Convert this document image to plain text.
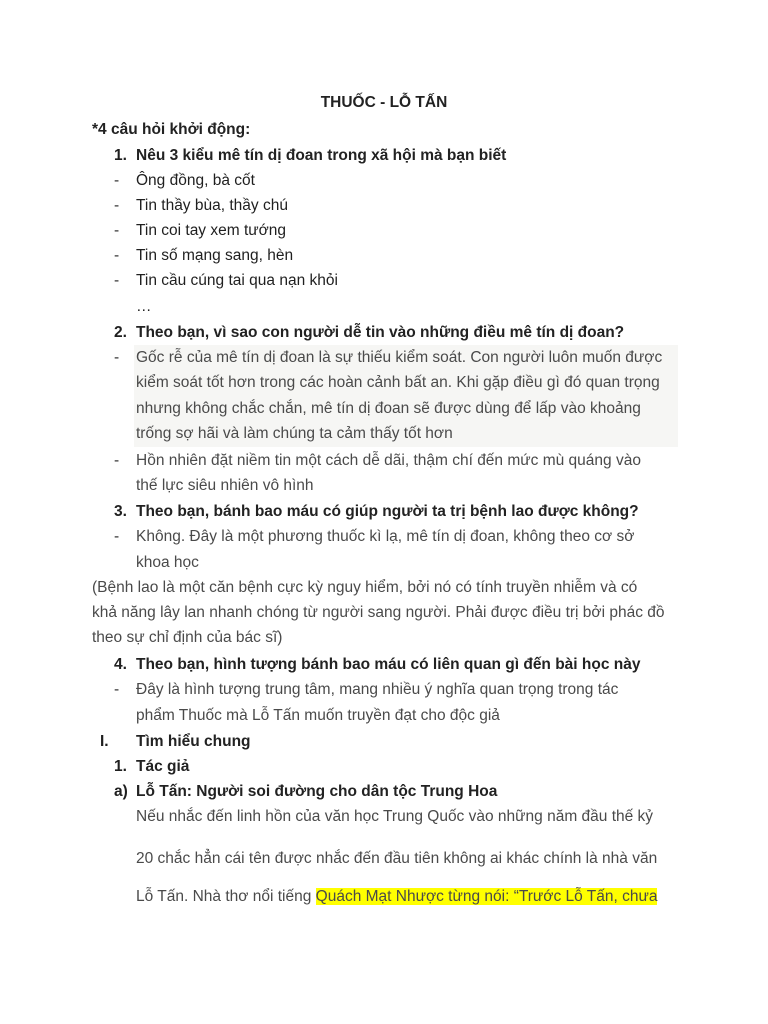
THUỐC - LỖ TẤN
*4 câu hỏi khởi động:
1. Nêu 3 kiểu mê tín dị đoan trong xã hội mà bạn biết
- Ông đồng, bà cốt
- Tin thầy bùa, thầy chú
- Tin coi tay xem tướng
- Tin số mạng sang, hèn
- Tin cầu cúng tai qua nạn khỏi
…
2. Theo bạn, vì sao con người dễ tin vào những điều mê tín dị đoan?
- Gốc rễ của mê tín dị đoan là sự thiếu kiểm soát. Con người luôn muốn được
kiểm soát tốt hơn trong các hoàn cảnh bất an. Khi gặp điều gì đó quan trọng
nhưng không chắc chắn, mê tín dị đoan sẽ được dùng để lấp vào khoảng
trống sợ hãi và làm chúng ta cảm thấy tốt hơn
- Hồn nhiên đặt niềm tin một cách dễ dãi, thậm chí đến mức mù quáng vào
thế lực siêu nhiên vô hình
3. Theo bạn, bánh bao máu có giúp người ta trị bệnh lao được không?
- Không. Đây là một phương thuốc kì lạ, mê tín dị đoan, không theo cơ sở
khoa học
(Bệnh lao là một căn bệnh cực kỳ nguy hiểm, bởi nó có tính truyền nhiễm và có
khả năng lây lan nhanh chóng từ người sang người. Phải được điều trị bởi phác đồ
theo sự chỉ định của bác sĩ)
4. Theo bạn, hình tượng bánh bao máu có liên quan gì đến bài học này
- Đây là hình tượng trung tâm, mang nhiều ý nghĩa quan trọng trong tác
phẩm Thuốc mà Lỗ Tấn muốn truyền đạt cho độc giả
I. Tìm hiểu chung
1. Tác giả
a) Lỗ Tấn: Người soi đường cho dân tộc Trung Hoa
Nếu nhắc đến linh hồn của văn học Trung Quốc vào những năm đầu thế kỷ
20 chắc hẳn cái tên được nhắc đến đầu tiên không ai khác chính là nhà văn
Lỗ Tấn. Nhà thơ nổi tiếng Quách Mạt Nhược từng nói: “Trước Lỗ Tấn, chưa
